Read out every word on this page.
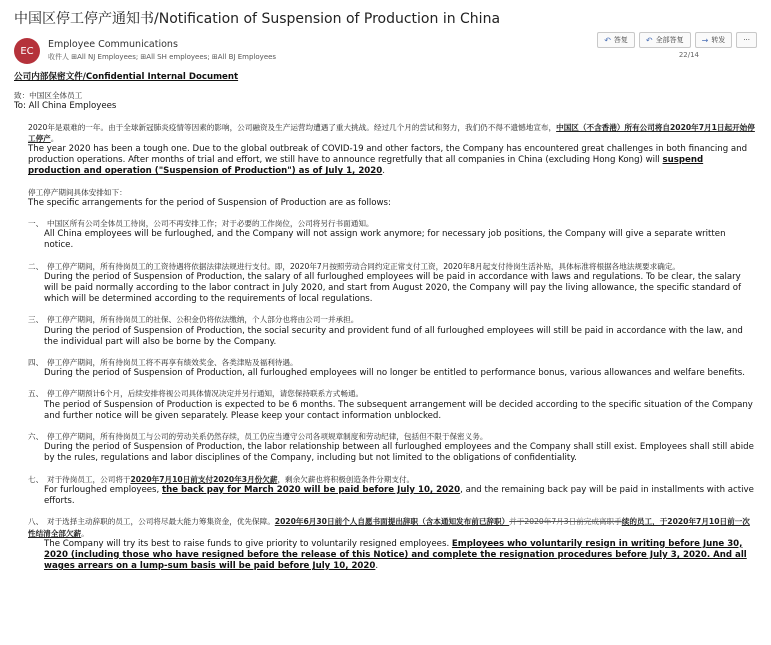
中国区停工停产通知书/Notification of Suspension of Production in China
EC
Employee Communications
收件人 ⊞All NJ Employees; ⊞All SH employees; ⊞All BJ Employees
↶ 答复 ↶ 全部答复 → 转发	···
22/14

公司内部保密文件/Confidential Internal Document

致：中国区全体员工

To: All China Employees

2020年是艰难的一年。由于全球新冠肺炎疫情等因素的影响，公司融资及生产运营均遭遇了重大挑战。经过几个月的尝试和努力，我们仍不得不遗憾地宣布，中国区（不含香港）所有公司将自2020年7月1日起开始停工停产。

The year 2020 has been a tough one. Due to the global outbreak of COVID-19 and other factors, the Company has encountered great challenges in both financing and production operations. After months of trial and effort, we still have to announce regretfully that all companies in China (excluding Hong Kong) will suspend production and operation ("Suspension of Production") as of July 1, 2020.

停工停产期间具体安排如下：

The specific arrangements for the period of Suspension of Production are as follows:

一、　中国区所有公司全体员工待岗，公司不再安排工作；对于必要的工作岗位，公司将另行书面通知。

All China employees will be furloughed, and the Company will not assign work anymore; for necessary job positions, the Company will give a separate written notice.

二、　停工停产期间，所有待岗员工的工资待遇将依据法律法规进行支付。即，2020年7月按照劳动合同约定正常支付工资，2020年8月起支付待岗生活补贴，具体标准将根据各地法规要求确定。

During the period of Suspension of Production, the salary of all furloughed employees will be paid in accordance with laws and regulations. To be clear, the salary will be paid normally according to the labor contract in July 2020, and start from August 2020, the Company will pay the living allowance, the specific standard of which will be determined according to the requirements of local regulations.

三、　停工停产期间，所有待岗员工的社保、公积金仍将依法缴纳，个人部分也将由公司一并承担。

During the period of Suspension of Production, the social security and provident fund of all furloughed employees will still be paid in accordance with the law, and the individual part will also be borne by the Company.

四、　停工停产期间，所有待岗员工将不再享有绩效奖金、各类津贴及福利待遇。

During the period of Suspension of Production, all furloughed employees will no longer be entitled to performance bonus, various allowances and welfare benefits.

五、　停工停产期预计6个月，后续安排将视公司具体情况决定并另行通知，请您保持联系方式畅通。

The period of Suspension of Production is expected to be 6 months. The subsequent arrangement will be decided according to the specific situation of the Company and further notice will be given separately. Please keep your contact information unblocked.

六、　停工停产期间，所有待岗员工与公司的劳动关系仍然存续，员工仍应当遵守公司各项规章制度和劳动纪律，包括但不限于保密义务。

During the period of Suspension of Production, the labor relationship between all furloughed employees and the Company shall still exist. Employees shall still abide by the rules, regulations and labor disciplines of the Company, including but not limited to the obligations of confidentiality.

七、　对于待岗员工，公司将于2020年7月10日前支付2020年3月份欠薪，剩余欠薪也将积极创造条件分期支付。

For furloughed employees, the back pay for March 2020 will be paid before July 10, 2020, and the remaining back pay will be paid in installments with active efforts.

八、　对于选择主动辞职的员工，公司将尽最大能力筹集资金，优先保障。2020年6月30日前个人自愿书面提出辞职（含本通知发布前已辞职）并于2020年7月3日前完成离职手续的员工，于2020年7月10日前一次性结清全部欠薪。

The Company will try its best to raise funds to give priority to voluntarily resigned employees. Employees who voluntarily resign in writing before June 30, 2020 (including those who have resigned before the release of this Notice) and complete the resignation procedures before July 3, 2020. And all wages arrears on a lump-sum basis will be paid before July 10, 2020.
